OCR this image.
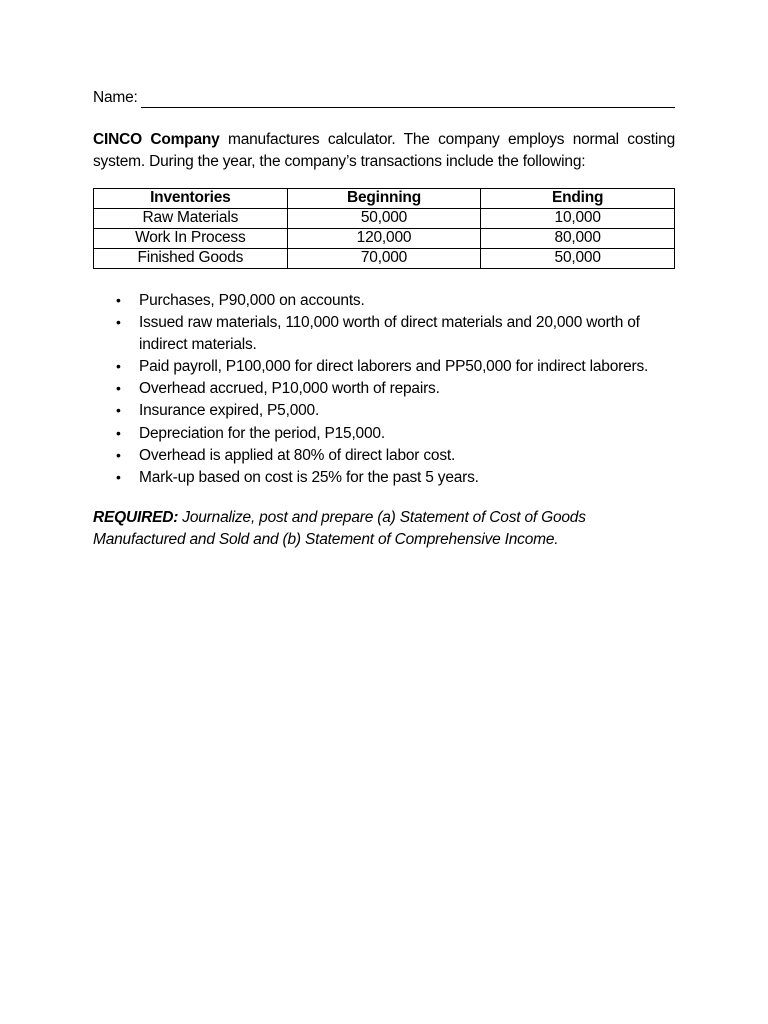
Name:

CINCO Company manufactures calculator. The company employs normal costing system. During the year, the company’s transactions include the following:

Inventories	Beginning	Ending
Raw Materials	50,000	10,000
Work In Process	120,000	80,000
Finished Goods	70,000	50,000
• Purchases, P90,000 on accounts.
• Issued raw materials, 110,000 worth of direct materials and 20,000 worth of indirect materials.
• Paid payroll, P100,000 for direct laborers and PP50,000 for indirect laborers.
• Overhead accrued, P10,000 worth of repairs.
• Insurance expired, P5,000.
• Depreciation for the period, P15,000.
• Overhead is applied at 80% of direct labor cost.
• Mark-up based on cost is 25% for the past 5 years.

REQUIRED: Journalize, post and prepare (a) Statement of Cost of Goods Manufactured and Sold and (b) Statement of Comprehensive Income.
